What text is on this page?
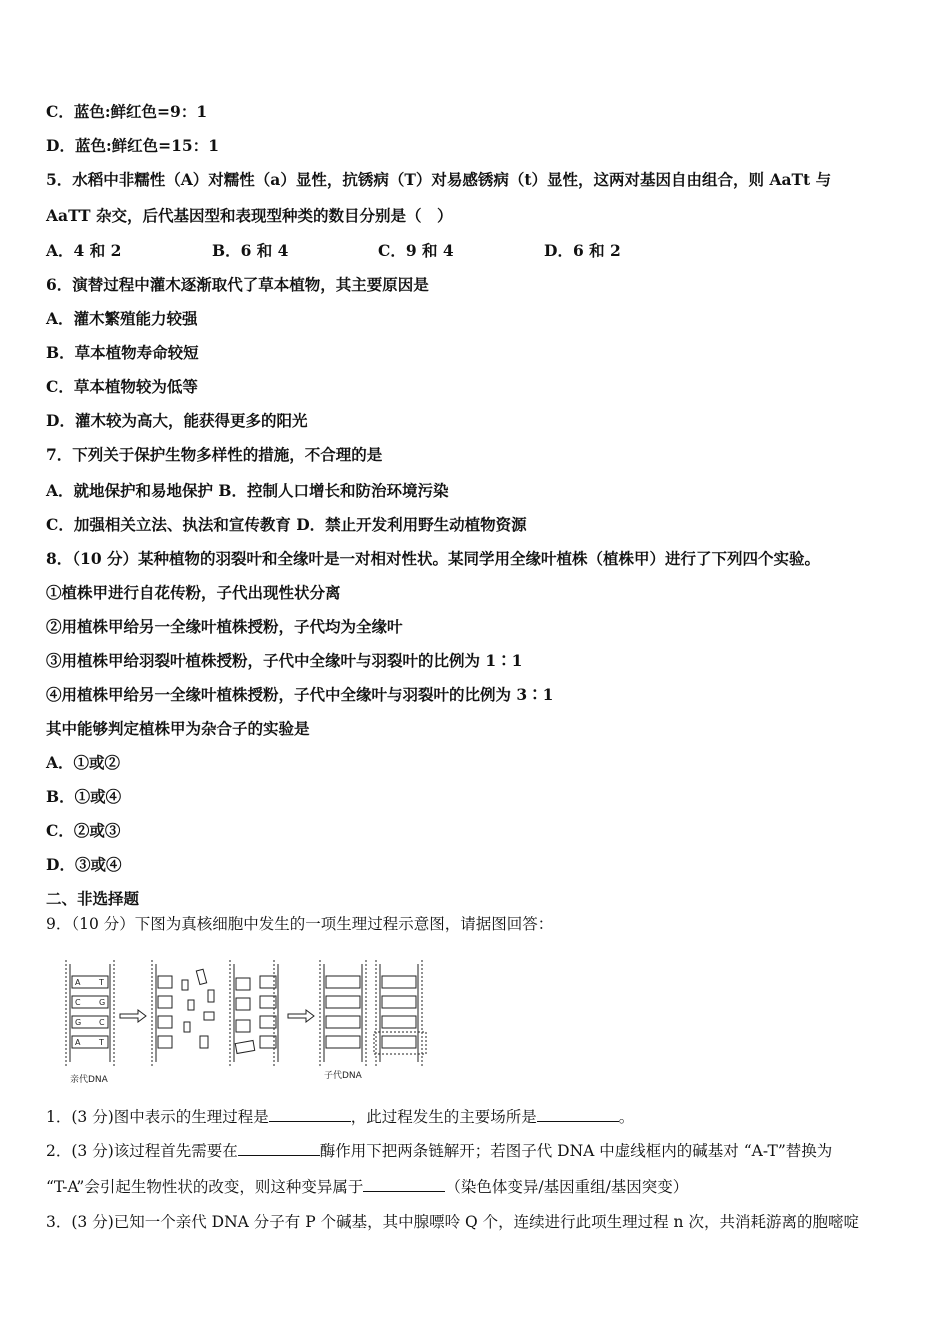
C．蓝色:鲜红色=9：1
D．蓝色:鲜红色=15：1
5．水稻中非糯性（A）对糯性（a）显性，抗锈病（T）对易感锈病（t）显性，这两对基因自由组合，则 AaTt 与
AaTT 杂交，后代基因型和表现型种类的数目分别是（　）
A．4 和 2	B．6 和 4	C．9 和 4	D．6 和 2
6．演替过程中灌木逐渐取代了草本植物，其主要原因是
A．灌木繁殖能力较强
B．草本植物寿命较短
C．草本植物较为低等
D．灌木较为高大，能获得更多的阳光
7．下列关于保护生物多样性的措施，不合理的是
A．就地保护和易地保护 B．控制人口增长和防治环境污染
C．加强相关立法、执法和宣传教育 D．禁止开发利用野生动植物资源
8．（10 分）某种植物的羽裂叶和全缘叶是一对相对性状。某同学用全缘叶植株（植株甲）进行了下列四个实验。
①植株甲进行自花传粉，子代出现性状分离
②用植株甲给另一全缘叶植株授粉，子代均为全缘叶
③用植株甲给羽裂叶植株授粉，子代中全缘叶与羽裂叶的比例为 1∶1
④用植株甲给另一全缘叶植株授粉，子代中全缘叶与羽裂叶的比例为 3∶1
其中能够判定植株甲为杂合子的实验是
A．①或②
B．①或④
C．②或③
D．③或④
二、非选择题
9．（10 分）下图为真核细胞中发生的一项生理过程示意图，请据图回答：
A T
C G
G C
A T
亲代DNA	子代DNA
1．(3 分)图中表示的生理过程是	，此过程发生的主要场所是	。
2．(3 分)该过程首先需要在	酶作用下把两条链解开；若图子代 DNA 中虚线框内的碱基对 “A-T”替换为
“T-A”会引起生物性状的改变，则这种变异属于	（染色体变异/基因重组/基因突变）
3．(3 分)已知一个亲代 DNA 分子有 P 个碱基，其中腺嘌呤 Q 个，连续进行此项生理过程 n 次，共消耗游离的胞嘧啶
